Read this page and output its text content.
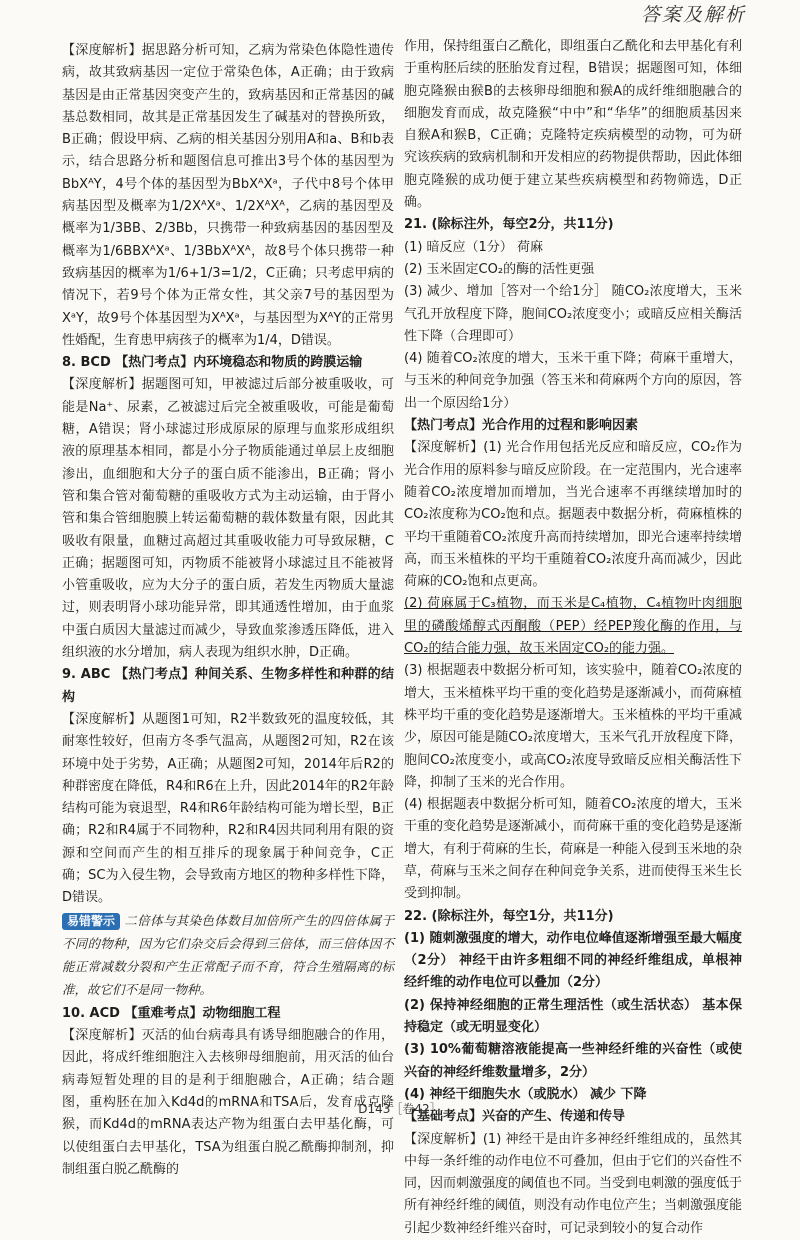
答案及解析

【深度解析】据思路分析可知，乙病为常染色体隐性遗传病，故其致病基因一定位于常染色体，A正确；由于致病基因是由正常基因突变产生的，致病基因和正常基因的碱基总数相同，故其是正常基因发生了碱基对的替换所致，B正确；假设甲病、乙病的相关基因分别用A和a、B和b表示，结合思路分析和题图信息可推出3号个体的基因型为BbXᴬY，4号个体的基因型为BbXᴬXᵃ，子代中8号个体甲病基因型及概率为1/2XᴬXᵃ、1/2XᴬXᴬ，乙病的基因型及概率为1/3BB、2/3Bb，只携带一种致病基因的基因型及概率为1/6BBXᴬXᵃ、1/3BbXᴬXᴬ，故8号个体只携带一种致病基因的概率为1/6+1/3=1/2，C正确；只考虑甲病的情况下，若9号个体为正常女性，其父亲7号的基因型为XᵃY，故9号个体基因型为XᴬXᵃ，与基因型为XᴬY的正常男性婚配，生育患甲病孩子的概率为1/4，D错误。

8. BCD 【热门考点】内环境稳态和物质的跨膜运输

【深度解析】据题图可知，甲被滤过后部分被重吸收，可能是Na⁺、尿素，乙被滤过后完全被重吸收，可能是葡萄糖，A错误；肾小球滤过形成原尿的原理与血浆形成组织液的原理基本相同，都是小分子物质能通过单层上皮细胞渗出，血细胞和大分子的蛋白质不能渗出，B正确；肾小管和集合管对葡萄糖的重吸收方式为主动运输，由于肾小管和集合管细胞膜上转运葡萄糖的载体数量有限，因此其吸收有限量，血糖过高超过其重吸收能力可导致尿糖，C正确；据题图可知，丙物质不能被肾小球滤过且不能被肾小管重吸收，应为大分子的蛋白质，若发生丙物质大量滤过，则表明肾小球功能异常，即其通透性增加，由于血浆中蛋白质因大量滤过而减少，导致血浆渗透压降低，进入组织液的水分增加，病人表现为组织水肿，D正确。

9. ABC 【热门考点】种间关系、生物多样性和种群的结构

【深度解析】从题图1可知，R2半数致死的温度较低，其耐寒性较好，但南方冬季气温高，从题图2可知，R2在该环境中处于劣势，A正确；从题图2可知，2014年后R2的种群密度在降低，R4和R6在上升，因此2014年的R2年龄结构可能为衰退型，R4和R6年龄结构可能为增长型，B正确；R2和R4属于不同物种，R2和R4因共同利用有限的资源和空间而产生的相互排斥的现象属于种间竞争，C正确；SC为入侵生物，会导致南方地区的物种多样性下降，D错误。

易错警示 二倍体与其染色体数目加倍所产生的四倍体属于不同的物种，因为它们杂交后会得到三倍体，而三倍体因不能正常减数分裂和产生正常配子而不育，符合生殖隔离的标准，故它们不是同一物种。

10. ACD 【重难考点】动物细胞工程

【深度解析】灭活的仙台病毒具有诱导细胞融合的作用，因此，将成纤维细胞注入去核卵母细胞前，用灭活的仙台病毒短暂处理的目的是利于细胞融合，A正确；结合题图，重构胚在加入Kd4d的mRNA和TSA后，发育成克隆猴，而Kd4d的mRNA表达产物为组蛋白去甲基化酶，可以使组蛋白去甲基化，TSA为组蛋白脱乙酰酶抑制剂，抑制组蛋白脱乙酰酶的

作用，保持组蛋白乙酰化，即组蛋白乙酰化和去甲基化有利于重构胚后续的胚胎发育过程，B错误；据题图可知，体细胞克隆猴由猴B的去核卵母细胞和猴A的成纤维细胞融合的细胞发育而成，故克隆猴“中中”和“华华”的细胞质基因来自猴A和猴B，C正确；克隆特定疾病模型的动物，可为研究该疾病的致病机制和开发相应的药物提供帮助，因此体细胞克隆猴的成功便于建立某些疾病模型和药物筛选，D正确。

21. (除标注外，每空2分，共11分)

(1) 暗反应（1分） 荷麻

(2) 玉米固定CO₂的酶的活性更强

(3) 减少、增加［答对一个给1分］ 随CO₂浓度增大，玉米气孔开放程度下降，胞间CO₂浓度变小；或暗反应相关酶活性下降（合理即可）

(4) 随着CO₂浓度的增大，玉米干重下降；荷麻干重增大，与玉米的种间竞争加强（答玉米和荷麻两个方向的原因，答出一个原因给1分）

【热门考点】光合作用的过程和影响因素

【深度解析】(1) 光合作用包括光反应和暗反应，CO₂作为光合作用的原料参与暗反应阶段。在一定范围内，光合速率随着CO₂浓度增加而增加，当光合速率不再继续增加时的CO₂浓度称为CO₂饱和点。据题表中数据分析，荷麻植株的平均干重随着CO₂浓度升高而持续增加，即光合速率持续增高，而玉米植株的平均干重随着CO₂浓度升高而减少，因此荷麻的CO₂饱和点更高。

(2) 荷麻属于C₃植物，而玉米是C₄植物，C₄植物叶肉细胞里的磷酸烯醇式丙酮酸（PEP）经PEP羧化酶的作用，与CO₂的结合能力强，故玉米固定CO₂的能力强。

(3) 根据题表中数据分析可知，该实验中，随着CO₂浓度的增大，玉米植株平均干重的变化趋势是逐渐减小，而荷麻植株平均干重的变化趋势是逐渐增大。玉米植株的平均干重减少，原因可能是随CO₂浓度增大，玉米气孔开放程度下降，胞间CO₂浓度变小，或高CO₂浓度导致暗反应相关酶活性下降，抑制了玉米的光合作用。

(4) 根据题表中数据分析可知，随着CO₂浓度的增大，玉米干重的变化趋势是逐渐减小，而荷麻干重的变化趋势是逐渐增大，有利于荷麻的生长，荷麻是一种能入侵到玉米地的杂草，荷麻与玉米之间存在种间竞争关系，进而使得玉米生长受到抑制。

22. (除标注外，每空1分，共11分)

(1) 随刺激强度的增大，动作电位峰值逐渐增强至最大幅度（2分） 神经干由许多粗细不同的神经纤维组成，单根神经纤维的动作电位可以叠加（2分）

(2) 保持神经细胞的正常生理活性（或生活状态） 基本保持稳定（或无明显变化）

(3) 10%葡萄糖溶液能提高一些神经纤维的兴奋性（或使兴奋的神经纤维数量增多，2分）

(4) 神经干细胞失水（或脱水） 减少 下降

【基础考点】兴奋的产生、传递和传导

【深度解析】(1) 神经干是由许多神经纤维组成的，虽然其中每一条纤维的动作电位不可叠加，但由于它们的兴奋性不同，因而刺激强度的阈值也不同。当受到电刺激的强度低于所有神经纤维的阈值，则没有动作电位产生；当刺激强度能引起少数神经纤维兴奋时，可记录到较小的复合动作

D143［卷42］
